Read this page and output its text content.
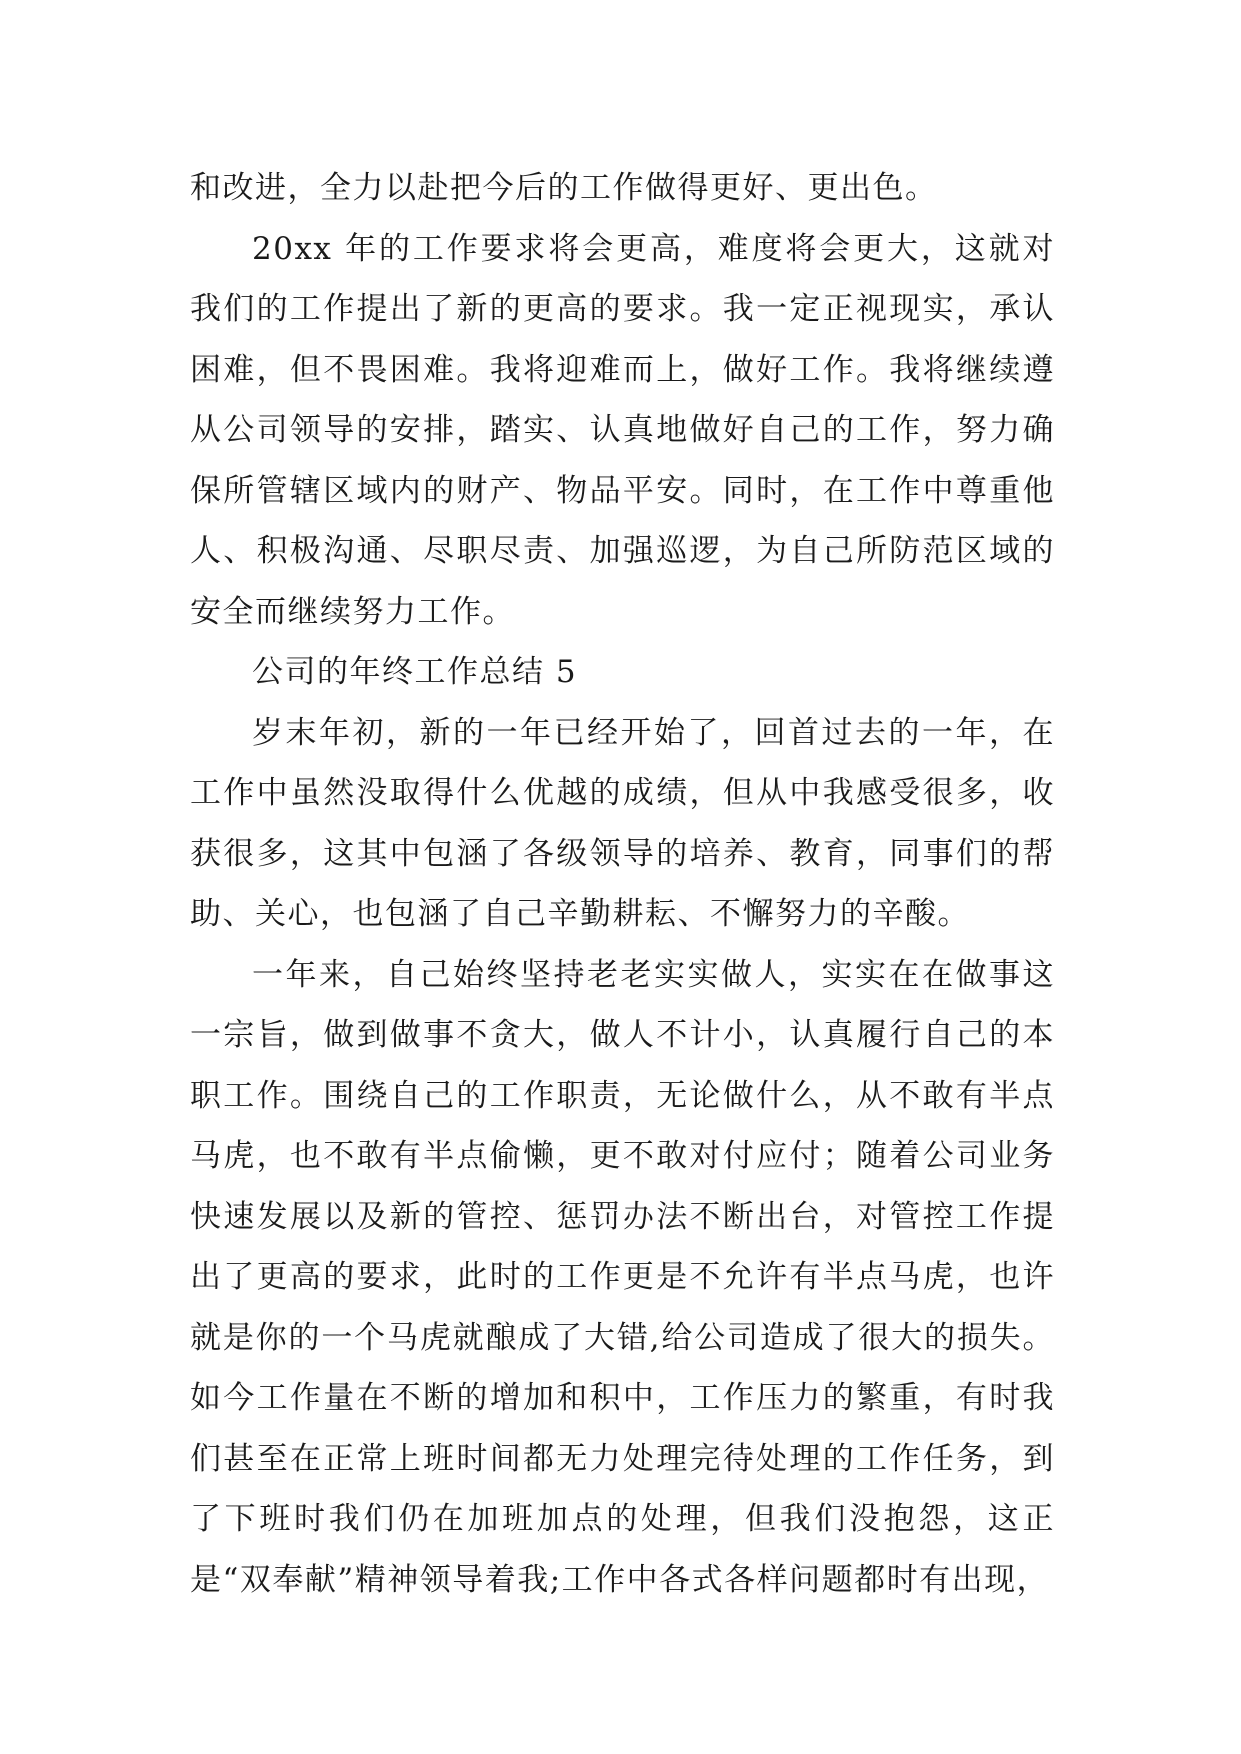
和改进，全力以赴把今后的工作做得更好、更出色。

20xx 年的工作要求将会更高，难度将会更大，这就对我们的工作提出了新的更高的要求。我一定正视现实，承认困难，但不畏困难。我将迎难而上，做好工作。我将继续遵从公司领导的安排，踏实、认真地做好自己的工作，努力确保所管辖区域内的财产、物品平安。同时，在工作中尊重他人、积极沟通、尽职尽责、加强巡逻，为自己所防范区域的安全而继续努力工作。

公司的年终工作总结 5

岁末年初，新的一年已经开始了，回首过去的一年，在工作中虽然没取得什么优越的成绩，但从中我感受很多，收获很多，这其中包涵了各级领导的培养、教育，同事们的帮助、关心，也包涵了自己辛勤耕耘、不懈努力的辛酸。

一年来，自己始终坚持老老实实做人，实实在在做事这一宗旨，做到做事不贪大，做人不计小，认真履行自己的本职工作。围绕自己的工作职责，无论做什么，从不敢有半点马虎，也不敢有半点偷懒，更不敢对付应付；随着公司业务快速发展以及新的管控、惩罚办法不断出台，对管控工作提出了更高的要求，此时的工作更是不允许有半点马虎，也许就是你的一个马虎就酿成了大错,给公司造成了很大的损失。如今工作量在不断的增加和积中，工作压力的繁重，有时我们甚至在正常上班时间都无力处理完待处理的工作任务，到了下班时我们仍在加班加点的处理，但我们没抱怨，这正是“双奉献”精神领导着我;工作中各式各样问题都时有出现，
